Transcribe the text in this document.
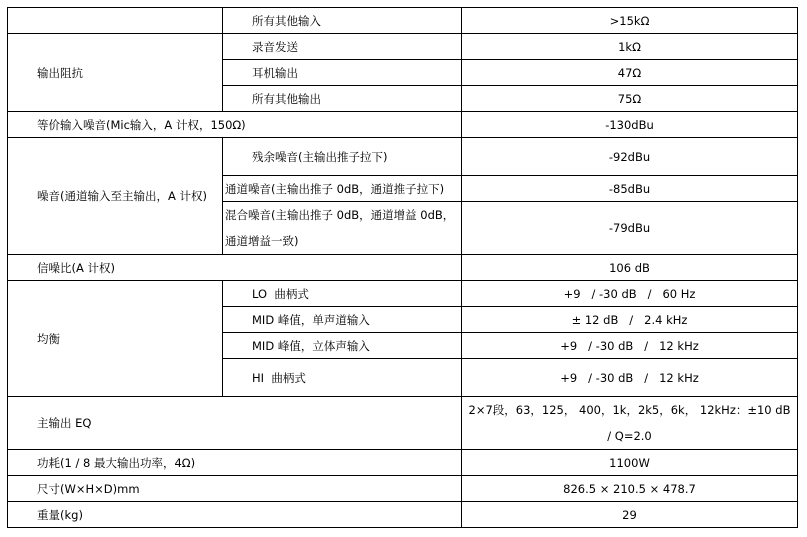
	所有其他输入	>15kΩ
输出阻抗	录音发送	1kΩ
	耳机输出	47Ω
	所有其他输出	75Ω
等价输入噪音(Mic输入，A 计权，150Ω)		-130dBu
噪音(通道输入至主输出，A 计权)	残余噪音(主输出推子拉下)	-92dBu
	通道噪音(主输出推子 0dB，通道推子拉下)	-85dBu
	混合噪音(主输出推子 0dB，通道增益 0dB，通道增益一致)	-79dBu
信噪比(A 计权)		106 dB
均衡	LO  曲柄式	+9   / -30 dB   /   60 Hz
	MID 峰值，单声道输入	± 12 dB   /   2.4 kHz
	MID 峰值，立体声输入	+9   / -30 dB   /   12 kHz
	HI  曲柄式	+9   / -30 dB   /   12 kHz
主输出 EQ		2×7段，63，125， 400，1k，2k5，6k， 12kHz：±10 dB / Q=2.0
功耗(1 / 8 最大输出功率，4Ω)		1100W
尺寸(W×H×D)mm		826.5 × 210.5 × 478.7
重量(kg)		29
